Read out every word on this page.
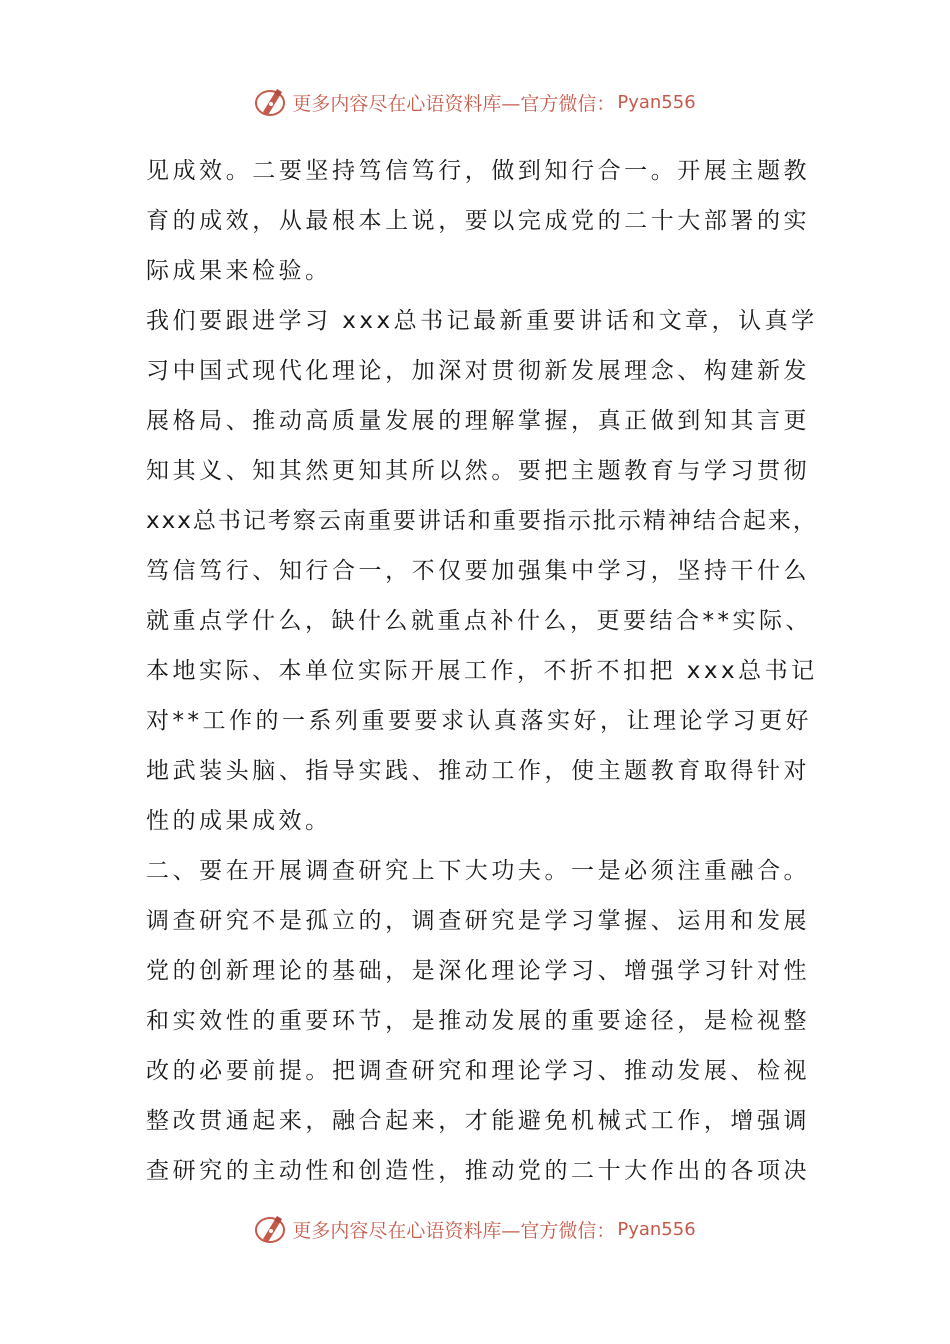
更多内容尽在心语资料库—官方微信： Pyan556
见成效。二要坚持笃信笃行，做到知行合一。开展主题教
育的成效，从最根本上说，要以完成党的二十大部署的实
际成果来检验。
我们要跟进学习 xxx总书记最新重要讲话和文章，认真学
习中国式现代化理论，加深对贯彻新发展理念、构建新发
展格局、推动高质量发展的理解掌握，真正做到知其言更
知其义、知其然更知其所以然。要把主题教育与学习贯彻
xxx总书记考察云南重要讲话和重要指示批示精神结合起来，
笃信笃行、知行合一，不仅要加强集中学习，坚持干什么
就重点学什么，缺什么就重点补什么，更要结合**实际、
本地实际、本单位实际开展工作，不折不扣把 xxx总书记
对**工作的一系列重要要求认真落实好，让理论学习更好
地武装头脑、指导实践、推动工作，使主题教育取得针对
性的成果成效。
二、要在开展调查研究上下大功夫。一是必须注重融合。
调查研究不是孤立的，调查研究是学习掌握、运用和发展
党的创新理论的基础，是深化理论学习、增强学习针对性
和实效性的重要环节，是推动发展的重要途径，是检视整
改的必要前提。把调查研究和理论学习、推动发展、检视
整改贯通起来，融合起来，才能避免机械式工作，增强调
查研究的主动性和创造性，推动党的二十大作出的各项决
更多内容尽在心语资料库—官方微信： Pyan556
